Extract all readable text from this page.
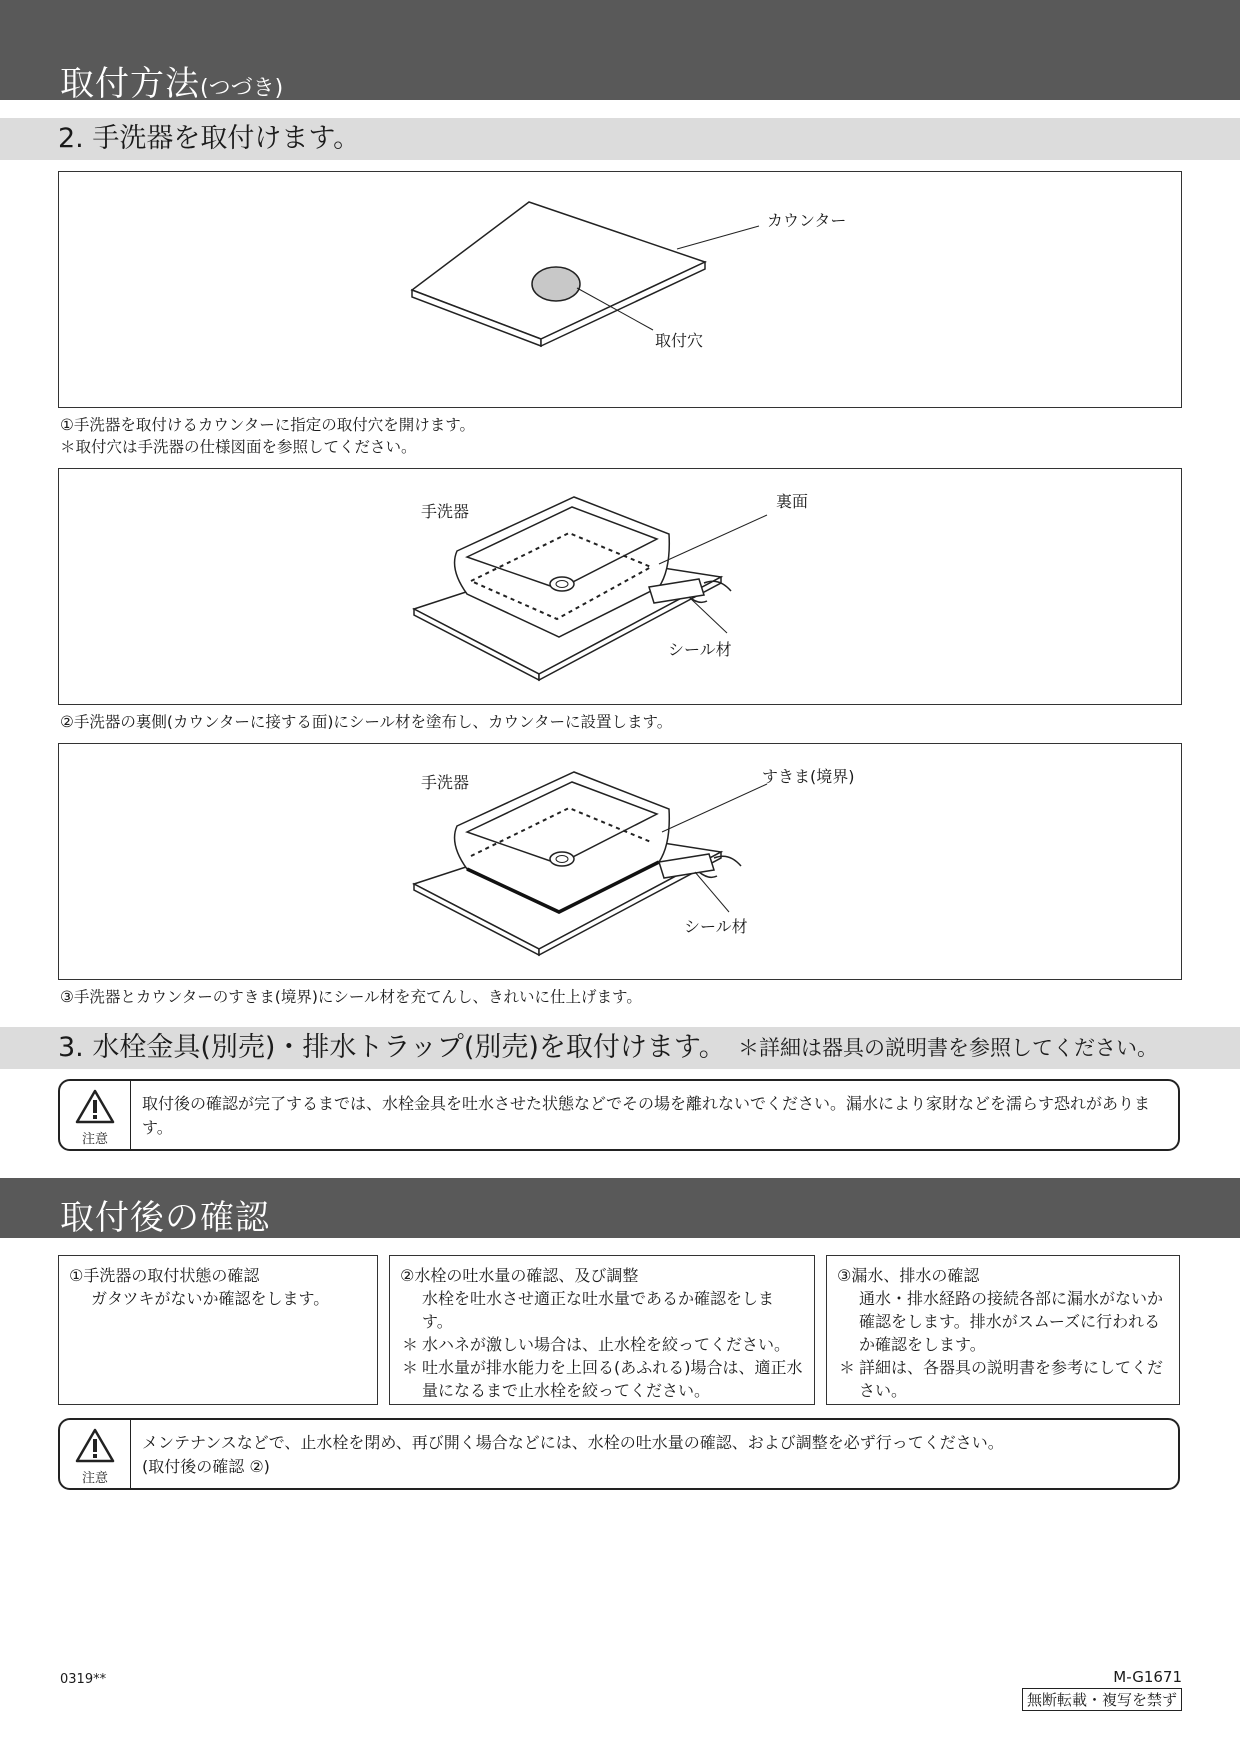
取付方法(つづき)
2. 手洗器を取付けます。
カウンター
取付穴
①手洗器を取付けるカウンターに指定の取付穴を開けます。
＊取付穴は手洗器の仕様図面を参照してください。
手洗器
裏面
シール材
②手洗器の裏側(カウンターに接する面)にシール材を塗布し、カウンターに設置します。
手洗器	すきま(境界)
シール材
③手洗器とカウンターのすきま(境界)にシール材を充てんし、きれいに仕上げます。
3. 水栓金具(別売)・排水トラップ(別売)を取付けます。 ＊詳細は器具の説明書を参照してください。
注意
取付後の確認が完了するまでは、水栓金具を吐水させた状態などでその場を離れないでください。漏水により家財などを濡らす恐れがあります。
取付後の確認
①手洗器の取付状態の確認
ガタツキがないか確認をします。
②水栓の吐水量の確認、及び調整
水栓を吐水させ適正な吐水量であるか確認をします。
＊ 水ハネが激しい場合は、止水栓を絞ってください。
＊ 吐水量が排水能力を上回る(あふれる)場合は、適正水量になるまで止水栓を絞ってください。
③漏水、排水の確認
通水・排水経路の接続各部に漏水がないか確認をします。排水がスムーズに行われるか確認をします。
＊ 詳細は、各器具の説明書を参考にしてください。
注意
メンテナンスなどで、止水栓を閉め、再び開く場合などには、水栓の吐水量の確認、および調整を必ず行ってください。
(取付後の確認 ②)
0319**	M-G1671
無断転載・複写を禁ず
